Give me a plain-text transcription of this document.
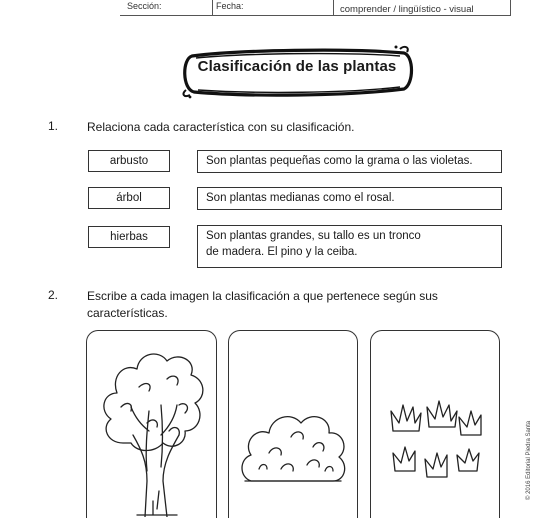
Sección:	Fecha:	comprender / lingüístico - visual
Clasificación de las plantas
1. Relaciona cada característica con su clasificación.
arbusto	Son plantas pequeñas como la grama o las violetas.
árbol	Son plantas medianas como el rosal.
hierbas	Son plantas grandes, su tallo es un tronco
de madera. El pino y la ceiba.
2. Escribe a cada imagen la clasificación a que pertenece según sus
características.
© 2016 Editorial Piedra Santa
